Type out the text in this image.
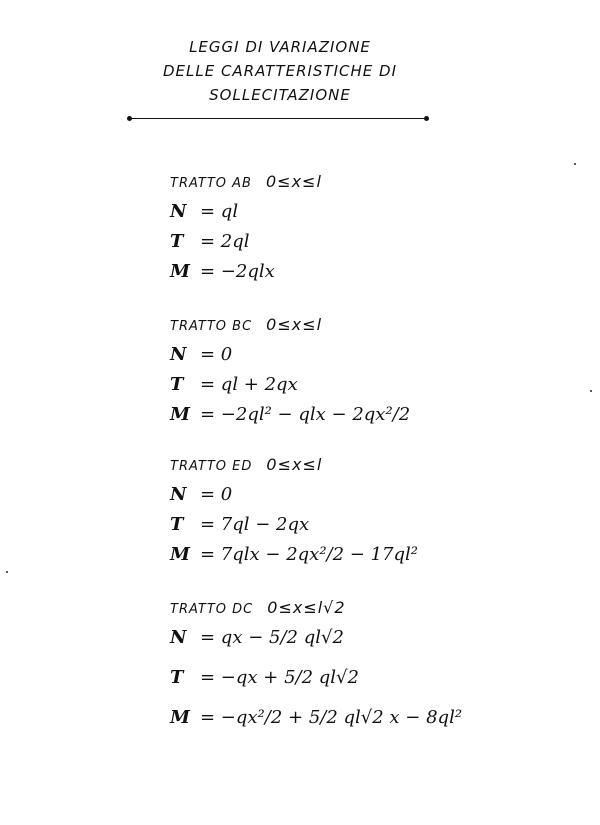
LEGGI DI VARIAZIONE
DELLE CARATTERISTICHE DI
SOLLECITAZIONE
TRATTO AB 0≤x≤l
N = ql
T = 2ql
M = −2qlx
TRATTO BC 0≤x≤l
N = 0
T = ql + 2qx
M = −2ql² − qlx − 2qx²/2
TRATTO ED 0≤x≤l
N = 0
T = 7ql − 2qx
M = 7qlx − 2qx²/2 − 17ql²
TRATTO DC 0≤x≤l√2
N = qx − 5/2 ql√2
T = −qx + 5/2 ql√2
M = −qx²/2 + 5/2 ql√2 x − 8ql²
